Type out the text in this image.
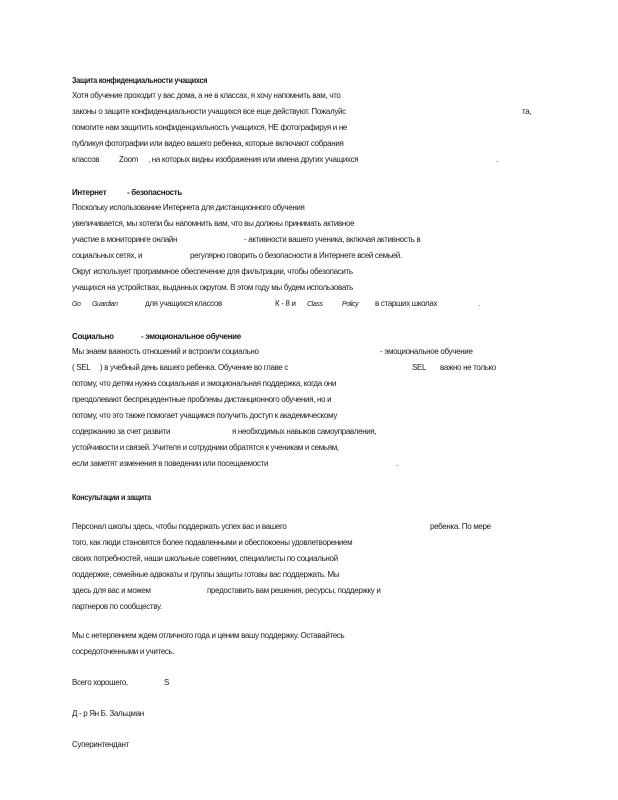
Защита конфиденциальности учащихся
Хотя обучение проходит у вас дома, а не в классах, я хочу напомнить вам, что
законы о защите конфиденциальности учащихся все еще действуют. Пожалуйс	та,
помогите нам защитить конфиденциальность учащихся, НЕ фотографируя и не
публикуя фотографии или видео вашего ребенка, которые включают собрания
классов Zoom , на которых видны изображения или имена других учащихся	.
Интернет - безопасность
Поскольку использование Интернета для дистанционного обучения
увеличивается, мы хотели бы напомнить вам, что вы должны принимать активное
участие в мониторинге онлайн	- активности вашего ученика, включая активность в
социальных сетях, и	регулярно говорить о безопасности в Интернете всей семьей.
Округ использует программное обеспечение для фильтрации, чтобы обезопасить
учащихся на устройствах, выданных округом. В этом году мы будем использовать
Go Guardian	для учащихся классов	К - 8 и Class	Policy в старших школах	.
Социально	- эмоциональное обучение
Мы знаем важность отношений и встроили социально	- эмоциональное обучение
( SEL ) в учебный день вашего ребенка. Обучение во главе с	SEL важно не только
потому, что детям нужна социальная и эмоциональная поддержка, когда они
преодолевают беспрецедентные проблемы дистанционного обучения, но и
потому, что это также помогает учащимся получить доступ к академическому
содержанию за счет развити	я необходимых навыков самоуправления,
устойчивости и связей. Учителя и сотрудники обратятся к ученикам и семьям,
если заметят изменения в поведении или посещаемости	.
Консультации и защита
Персонал школы здесь, чтобы поддержать успех вас и вашего	ребенка. По мере
того, как люди становятся более подавленными и обеспокоены удовлетворением
своих потребностей, наши школьные советники, специалисты по социальной
поддержке, семейные адвокаты и группы защиты готовы вас поддержать. Мы
здесь для вас и можем	предоставить вам решения, ресурсы, поддержку и
партнеров по сообществу.
Мы с нетерпением ждем отличного года и ценим вашу поддержку. Оставайтесь
сосредоточенными и учитесь.
Всего хорошего,	S
Д - р Ян Б. Зальцман
Суперинтендант
